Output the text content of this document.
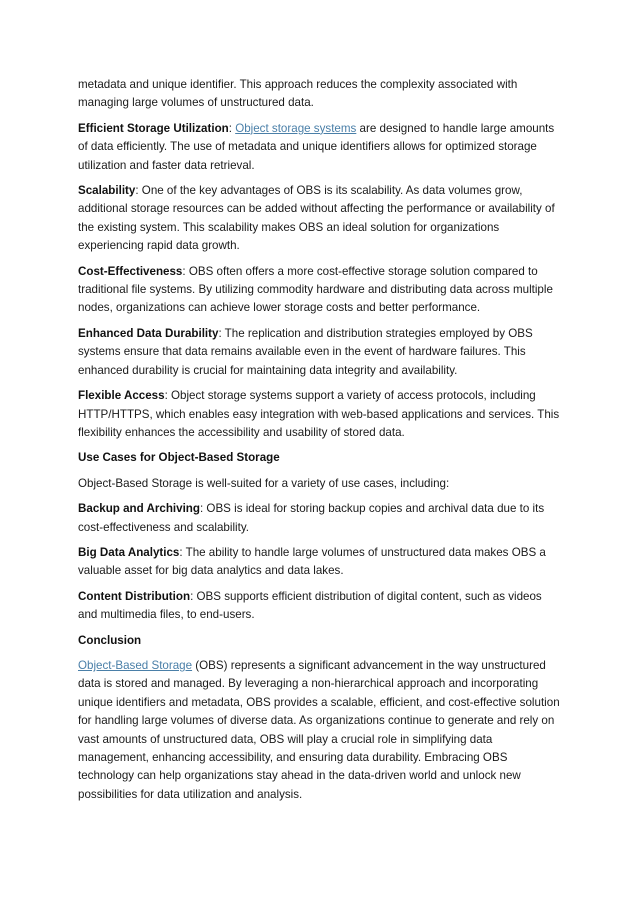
metadata and unique identifier. This approach reduces the complexity associated with managing large volumes of unstructured data.

Efficient Storage Utilization: Object storage systems are designed to handle large amounts of data efficiently. The use of metadata and unique identifiers allows for optimized storage utilization and faster data retrieval.

Scalability: One of the key advantages of OBS is its scalability. As data volumes grow, additional storage resources can be added without affecting the performance or availability of the existing system. This scalability makes OBS an ideal solution for organizations experiencing rapid data growth.

Cost-Effectiveness: OBS often offers a more cost-effective storage solution compared to traditional file systems. By utilizing commodity hardware and distributing data across multiple nodes, organizations can achieve lower storage costs and better performance.

Enhanced Data Durability: The replication and distribution strategies employed by OBS systems ensure that data remains available even in the event of hardware failures. This enhanced durability is crucial for maintaining data integrity and availability.

Flexible Access: Object storage systems support a variety of access protocols, including HTTP/HTTPS, which enables easy integration with web-based applications and services. This flexibility enhances the accessibility and usability of stored data.

Use Cases for Object-Based Storage

Object-Based Storage is well-suited for a variety of use cases, including:

Backup and Archiving: OBS is ideal for storing backup copies and archival data due to its cost-effectiveness and scalability.

Big Data Analytics: The ability to handle large volumes of unstructured data makes OBS a valuable asset for big data analytics and data lakes.

Content Distribution: OBS supports efficient distribution of digital content, such as videos and multimedia files, to end-users.

Conclusion

Object-Based Storage (OBS) represents a significant advancement in the way unstructured data is stored and managed. By leveraging a non-hierarchical approach and incorporating unique identifiers and metadata, OBS provides a scalable, efficient, and cost-effective solution for handling large volumes of diverse data. As organizations continue to generate and rely on vast amounts of unstructured data, OBS will play a crucial role in simplifying data management, enhancing accessibility, and ensuring data durability. Embracing OBS technology can help organizations stay ahead in the data-driven world and unlock new possibilities for data utilization and analysis.
